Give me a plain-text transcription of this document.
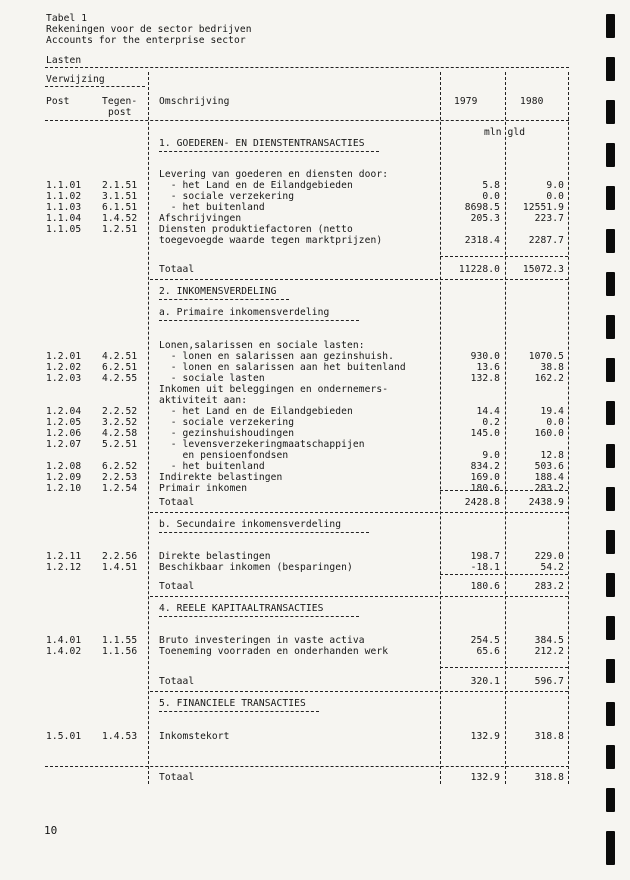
Tabel 1
Rekeningen voor de sector bedrijven
Accounts for the enterprise sector
Lasten
Verwijzing
Post	Tegen-
post
Omschrijving	1979	1980
mln gld
1. GOEDEREN- EN DIENSTENTRANSACTIES
Levering van goederen en diensten door:
1.1.01 2.1.51 - het Land en de Eilandgebieden	5.8	9.0
1.1.02 3.1.51 - sociale verzekering	0.0	0.0
1.1.03 6.1.51 - het buitenland	8698.5	12551.9
1.1.04 1.4.52 Afschrijvingen	205.3	223.7
1.1.05 1.2.51 Diensten produktiefactoren (netto
toegevoegde waarde tegen marktprijzen)	2318.4	2287.7
Totaal	11228.0	15072.3
2. INKOMENSVERDELING
a. Primaire inkomensverdeling
Lonen,salarissen en sociale lasten:
1.2.01 4.2.51 - lonen en salarissen aan gezinshuish.	930.0	1070.5
1.2.02 6.2.51 - lonen en salarissen aan het buitenland	13.6	38.8
1.2.03 4.2.55 - sociale lasten	132.8	162.2
Inkomen uit beleggingen en ondernemers-
aktiviteit aan:
1.2.04 2.2.52 - het Land en de Eilandgebieden	14.4	19.4
1.2.05 3.2.52 - sociale verzekering	0.2	0.0
1.2.06 4.2.58 - gezinshuishoudingen	145.0	160.0
1.2.07 5.2.51 - levensverzekeringmaatschappijen
en pensioenfondsen	9.0	12.8
1.2.08 6.2.52 - het buitenland	834.2	503.6
1.2.09 2.2.53 Indirekte belastingen	169.0	188.4
1.2.10 1.2.54 Primair inkomen	180.6	283.2
Totaal	2428.8	2438.9
b. Secundaire inkomensverdeling
1.2.11 2.2.56 Direkte belastingen	198.7	229.0
1.2.12 1.4.51 Beschikbaar inkomen (besparingen)	-18.1	54.2
Totaal	180.6	283.2
4. REELE KAPITAALTRANSACTIES
1.4.01 1.1.55 Bruto investeringen in vaste activa	254.5	384.5
1.4.02 1.1.56 Toeneming voorraden en onderhanden werk	65.6	212.2
Totaal	320.1	596.7
5. FINANCIELE TRANSACTIES
1.5.01 1.4.53 Inkomstekort	132.9	318.8
Totaal	132.9	318.8
10
